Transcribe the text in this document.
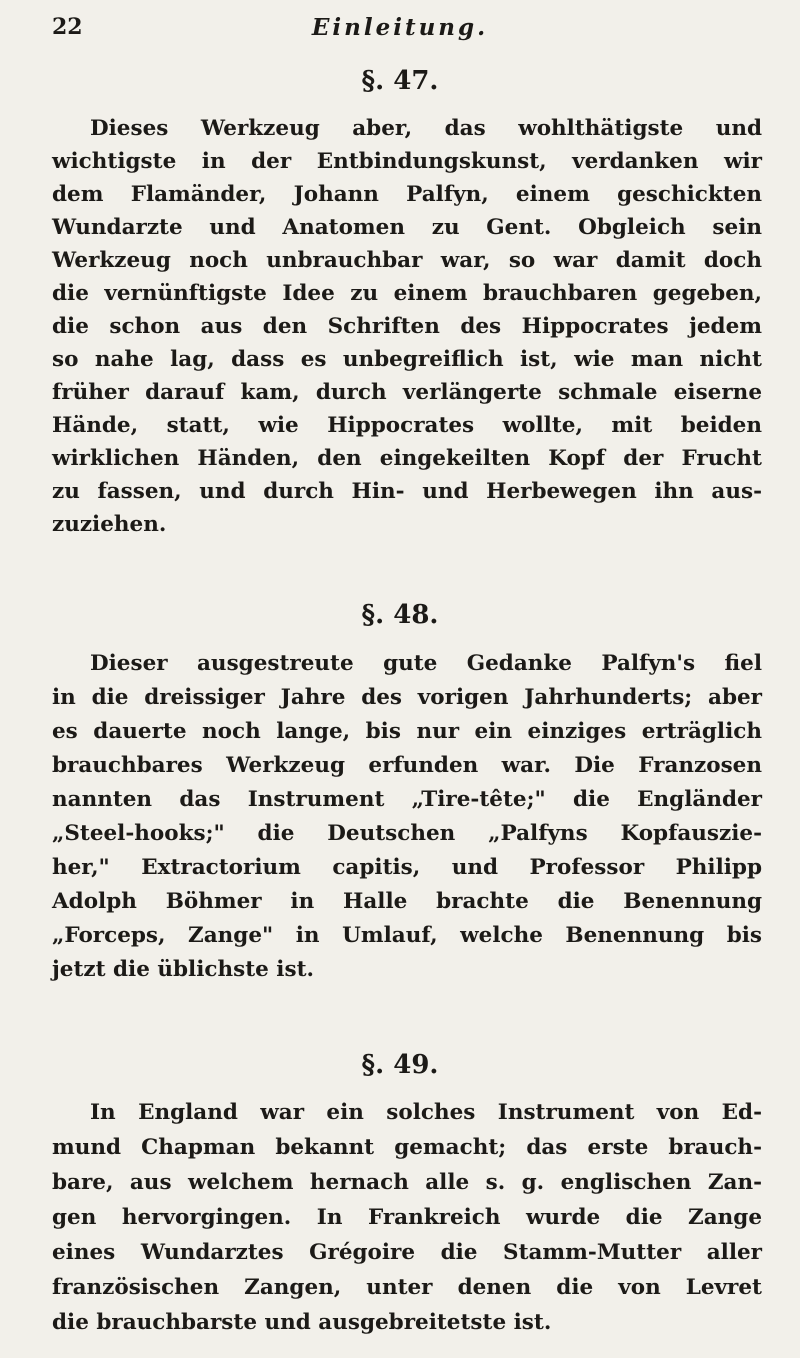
22	Einleitung.
§. 47.
Dieses Werkzeug aber, das wohlthätigste und
wichtigste in der Entbindungskunst, verdanken wir
dem Flamänder, Johann Palfyn, einem geschickten
Wundarzte und Anatomen zu Gent. Obgleich sein
Werkzeug noch unbrauchbar war, so war damit doch
die vernünftigste Idee zu einem brauchbaren gegeben,
die schon aus den Schriften des Hippocrates jedem
so nahe lag, dass es unbegreiflich ist, wie man nicht
früher darauf kam, durch verlängerte schmale eiserne
Hände, statt, wie Hippocrates wollte, mit beiden
wirklichen Händen, den eingekeilten Kopf der Frucht
zu fassen, und durch Hin- und Herbewegen ihn aus-
zuziehen.
§. 48.
Dieser ausgestreute gute Gedanke Palfyn's fiel
in die dreissiger Jahre des vorigen Jahrhunderts; aber
es dauerte noch lange, bis nur ein einziges erträglich
brauchbares Werkzeug erfunden war. Die Franzosen
nannten das Instrument „Tire-tête;" die Engländer
„Steel-hooks;" die Deutschen „Palfyns Kopfauszie-
her," Extractorium capitis, und Professor Philipp
Adolph Böhmer in Halle brachte die Benennung
„Forceps, Zange" in Umlauf, welche Benennung bis
jetzt die üblichste ist.
§. 49.
In England war ein solches Instrument von Ed-
mund Chapman bekannt gemacht; das erste brauch-
bare, aus welchem hernach alle s. g. englischen Zan-
gen hervorgingen. In Frankreich wurde die Zange
eines Wundarztes Grégoire die Stamm-Mutter aller
französischen Zangen, unter denen die von Levret
die brauchbarste und ausgebreitetste ist.
